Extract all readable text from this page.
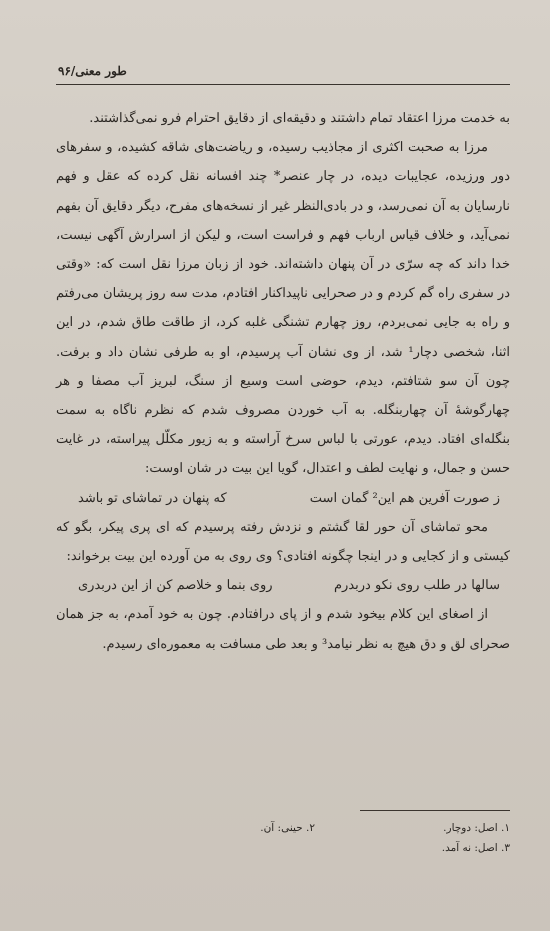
طور معنی/۹۶

به خدمت مرزا اعتقاد تمام داشتند و دقیقه‌ای از دقایق احترام فرو نمی‌گذاشتند.

مرزا به صحبت اکثری از مجاذیب رسیده، و ریاضت‌های شاقه کشیده، و سفرهای دور ورزیده، عجایبات دیده، در چار عنصر* چند افسانه نقل کرده که عقل و فهم نارسایان به آن نمی‌رسد، و در بادی‌النظر غیر از نسخه‌های مفرح، دیگر دقایق آن بفهم نمی‌آید، و خلاف قیاس ارباب فهم و فراست است، و لیکن از اسرارش آگهی نیست، خدا داند که چه سرّی در آن پنهان داشته‌اند. خود از زبان مرزا نقل است که: «وقتی در سفری راه گم کردم و در صحرایی ناپیداکنار افتادم، مدت سه روز پریشان می‌رفتم و راه به جایی نمی‌بردم، روز چهارم تشنگی غلبه کرد، از طاقت طاق شدم، در این اثنا، شخصی دچار¹ شد، از وی نشان آب پرسیدم، او به طرفی نشان داد و برفت. چون آن سو شتافتم، دیدم، حوضی است وسیع از سنگ، لبریز آب مصفا و هر چهارگوشهٔ آن چهاربنگله. به آب خوردن مصروف شدم که نظرم ناگاه به سمت بنگله‌ای افتاد. دیدم، عورتی با لباس سرخ آراسته و به زیور مکلّل پیراسته، در غایت حسن و جمال، و نهایت لطف و اعتدال، گویا این بیت در شان اوست:

ز صورت آفرین هم این² گمان است
که پنهان در تماشای تو باشد

محو تماشای آن حور لقا گشتم و نزدش رفته پرسیدم که ای پری پیکر، بگو که کیستی و از کجایی و در اینجا چگونه افتادی؟ وی روی به من آورده این بیت برخواند:

سالها در طلب روی نکو دربدرم
روی بنما و خلاصم کن از این دربدری

از اصغای این کلام بیخود شدم و از پای درافتادم. چون به خود آمدم، به جز همان صحرای لق و دق هیچ به نظر نیامد³ و بعد طی مسافت به معموره‌ای رسیدم.

۱. اصل: دوچار.
۲. حینی: آن.
۳. اصل: نه آمد.
